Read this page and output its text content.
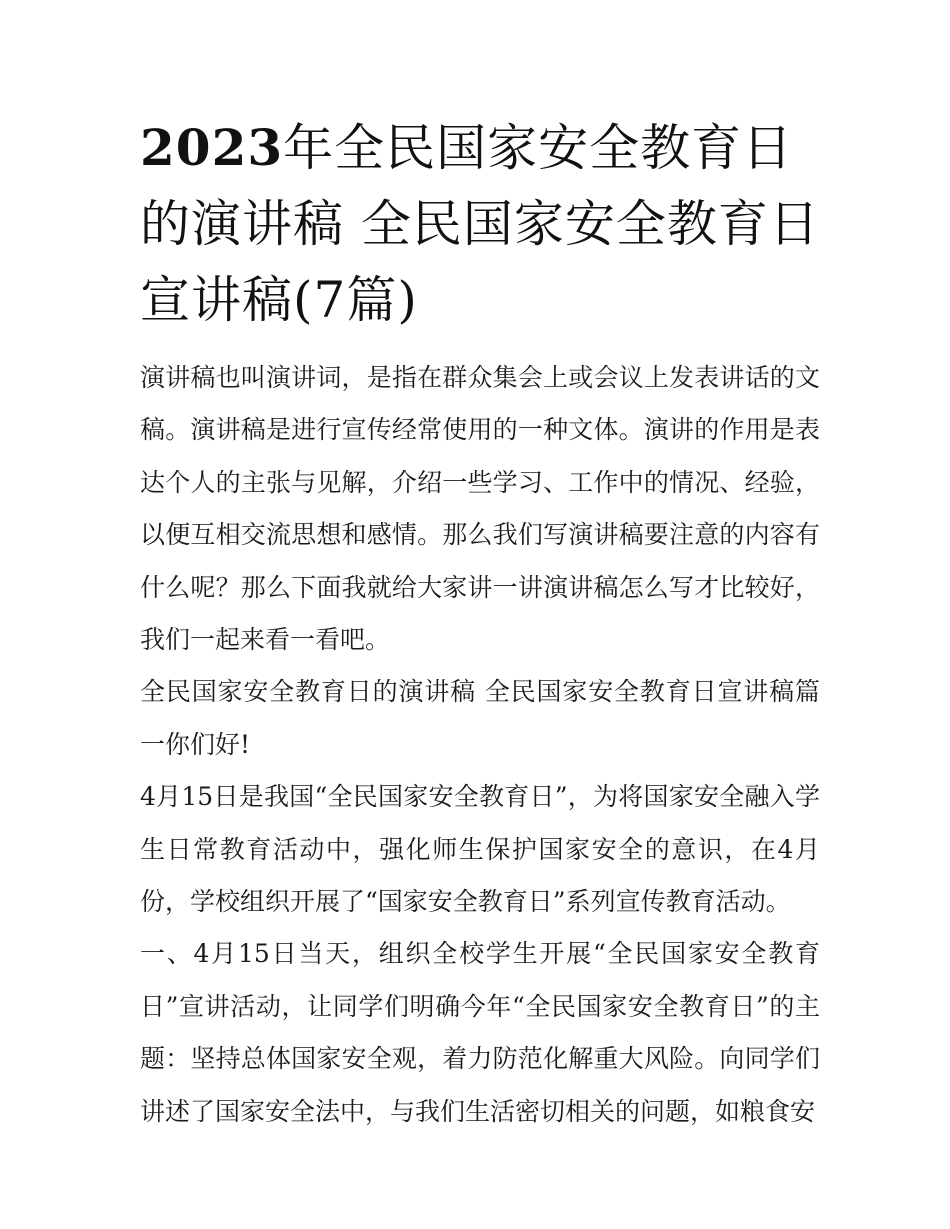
2023年全民国家安全教育日的演讲稿 全民国家安全教育日宣讲稿(7篇)

演讲稿也叫演讲词，是指在群众集会上或会议上发表讲话的文稿。演讲稿是进行宣传经常使用的一种文体。演讲的作用是表达个人的主张与见解，介绍一些学习、工作中的情况、经验，以便互相交流思想和感情。那么我们写演讲稿要注意的内容有什么呢？那么下面我就给大家讲一讲演讲稿怎么写才比较好，我们一起来看一看吧。

全民国家安全教育日的演讲稿 全民国家安全教育日宣讲稿篇一你们好!

4月15日是我国“全民国家安全教育日”，为将国家安全融入学生日常教育活动中，强化师生保护国家安全的意识，在4月份，学校组织开展了“国家安全教育日”系列宣传教育活动。

一、4月15日当天，组织全校学生开展“全民国家安全教育日”宣讲活动，让同学们明确今年“全民国家安全教育日”的主题：坚持总体国家安全观，着力防范化解重大风险。向同学们讲述了国家安全法中，与我们生活密切相关的问题，如粮食安
